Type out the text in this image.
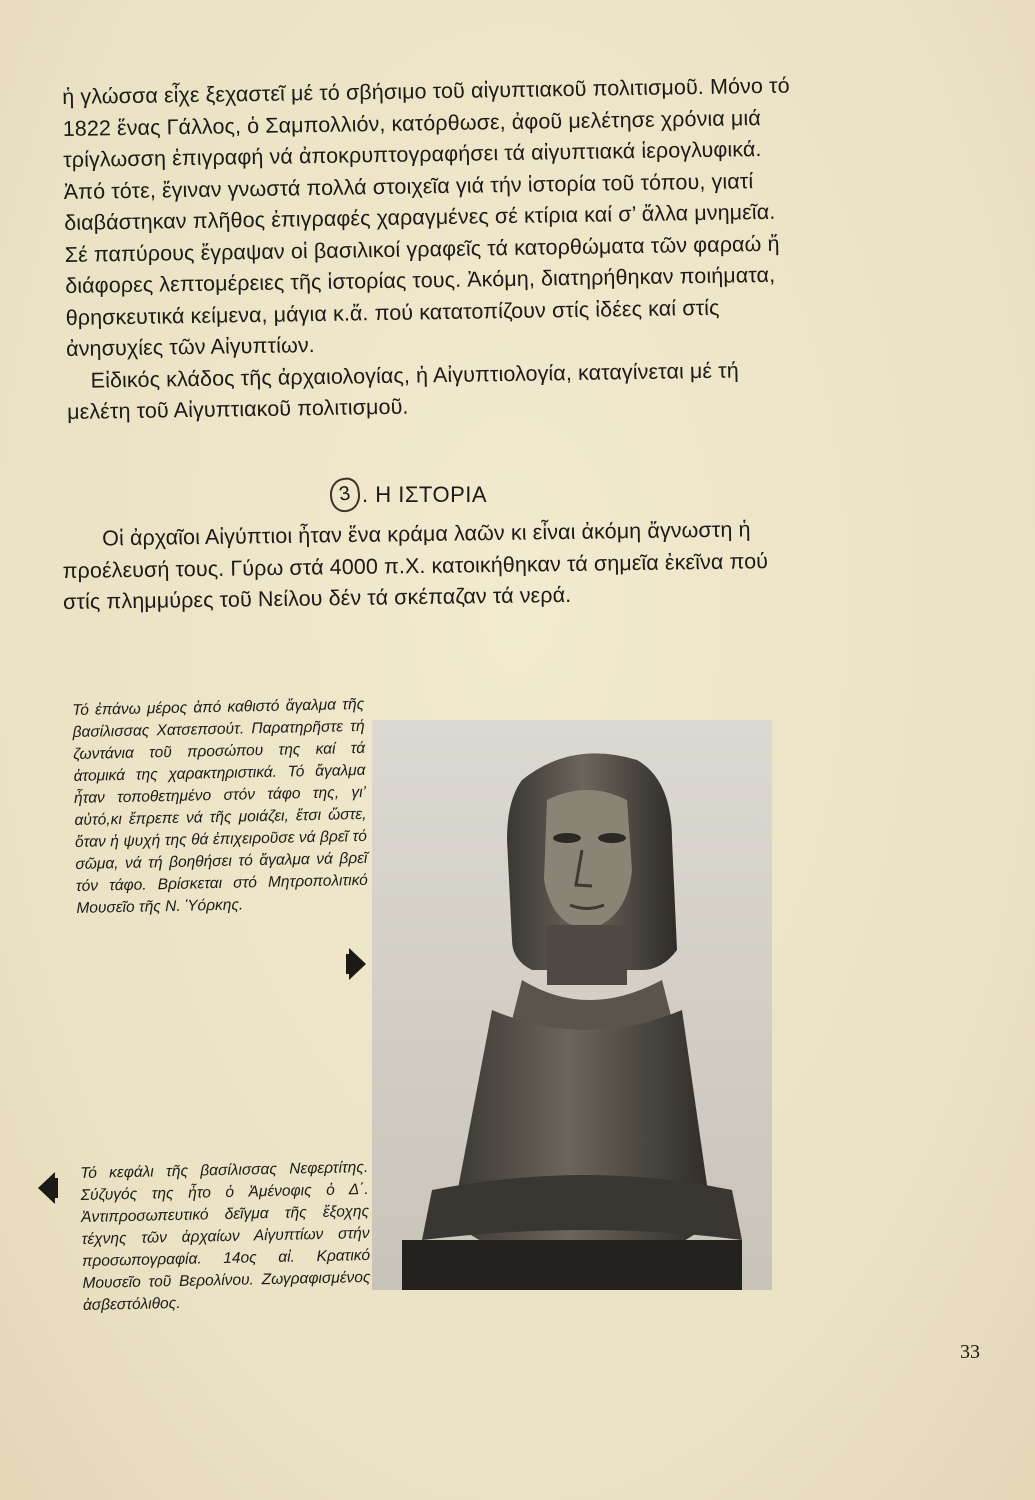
ἡ γλώσσα εἶχε ξεχαστεῖ μέ τό σβήσιμο τοῦ αἰγυπτιακοῦ πολιτισμοῦ. Μόνο τό 1822 ἕνας Γάλλος, ὁ Σαμπολλιόν, κατόρθωσε, ἀφοῦ μελέτησε χρόνια μιά τρίγλωσση ἐπιγραφή νά ἀποκρυπτογραφήσει τά αἰγυπτιακά ἱερογλυφικά. Ἀπό τότε, ἔγιναν γνωστά πολλά στοιχεῖα γιά τήν ἱστορία τοῦ τόπου, γιατί διαβάστηκαν πλῆθος ἐπιγραφές χαραγμένες σέ κτίρια καί σ’ ἄλλα μνημεῖα. Σέ παπύρους ἔγραψαν οἱ βασιλικοί γραφεῖς τά κατορθώματα τῶν φαραώ ἤ διάφορες λεπτομέρειες τῆς ἱστορίας τους. Ἀκόμη, διατηρήθηκαν ποιήματα, θρησκευτικά κείμενα, μάγια κ.ἄ. πού κατατοπίζουν στίς ἰδέες καί στίς ἀνησυχίες τῶν Αἰγυπτίων.

Εἰδικός κλάδος τῆς ἀρχαιολογίας, ἡ Αἰγυπτιολογία, καταγίνεται μέ τή μελέτη τοῦ Αἰγυπτιακοῦ πολιτισμοῦ.

3 . Η ΙΣΤΟΡΙΑ

Οἱ ἀρχαῖοι Αἰγύπτιοι ἦταν ἕνα κράμα λαῶν κι εἶναι ἀκόμη ἄγνωστη ἡ προέλευσή τους. Γύρω στά 4000 π.Χ. κατοικήθηκαν τά σημεῖα ἐκεῖνα πού στίς πλημμύρες τοῦ Νείλου δέν τά σκέπαζαν τά νερά.

Τό ἐπάνω μέρος ἀπό καθιστό ἄγαλμα τῆς βασίλισσας Χατσεπσούτ. Παρατηρῆστε τή ζωντάνια τοῦ προσώπου της καί τά ἀτομικά της χαρακτηριστικά. Τό ἄγαλμα ἦταν τοποθετημένο στόν τάφο της, γι’ αὐτό,κι ἔπρεπε νά τῆς μοιάζει, ἔτσι ὥστε, ὅταν ἡ ψυχή της θά ἐπιχειροῦσε νά βρεῖ τό σῶμα, νά τή βοηθήσει τό ἄγαλμα νά βρεῖ τόν τάφο. Βρίσκεται στό Μητροπολιτικό Μουσεῖο τῆς Ν. Ὑόρκης.
Τό κεφάλι τῆς βασίλισσας Νεφερτίτης. Σύζυγός της ἦτο ὁ Ἀμένοφις ὁ Δ΄. Ἀντιπροσωπευτικό δεῖγμα τῆς ἔξοχης τέχνης τῶν ἀρχαίων Αἰγυπτίων στήν προσωπογραφία. 14ος αἰ. Κρατικό Μουσεῖο τοῦ Βερολίνου. Ζωγραφισμένος ἀσβεστόλιθος.
33
